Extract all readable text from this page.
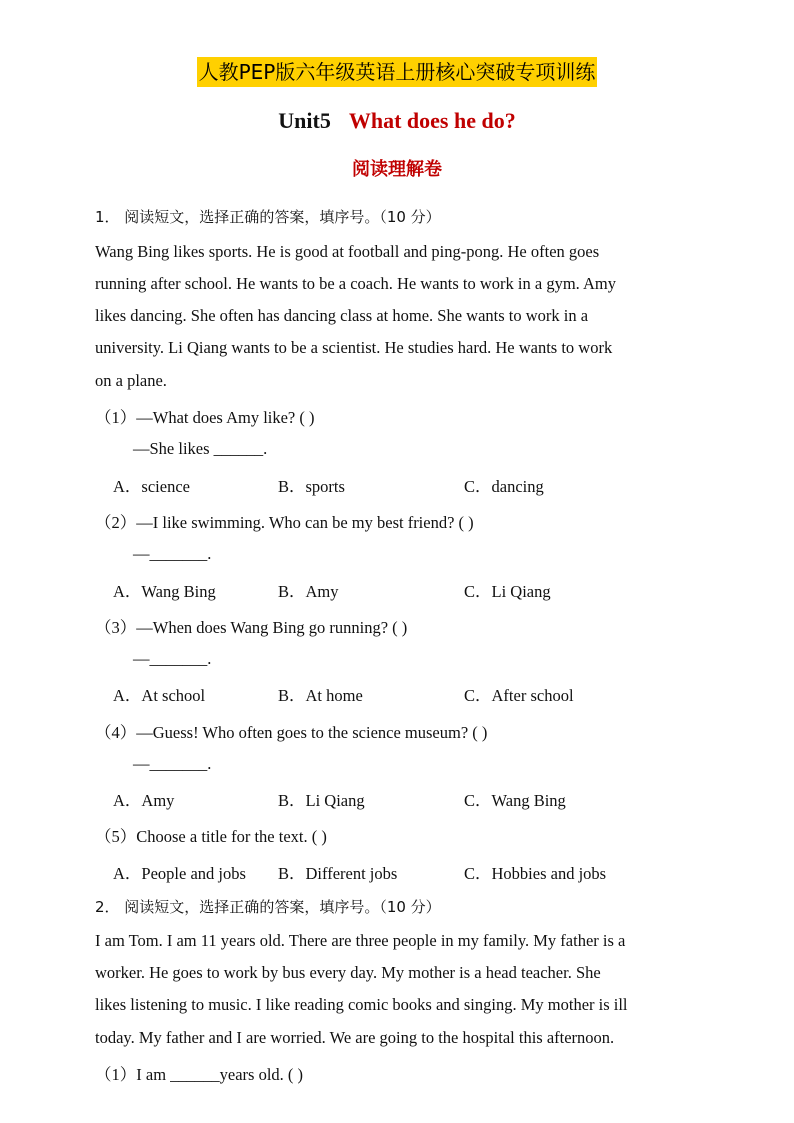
人教PEP版六年级英语上册核心突破专项训练
Unit5 What does he do?
阅读理解卷
1． 阅读短文，选择正确的答案，填序号。（10 分）
Wang Bing likes sports. He is good at football and ping-pong. He often goes
running after school. He wants to be a coach. He wants to work in a gym. Amy
likes dancing. She often has dancing class at home. She wants to work in a
university. Li Qiang wants to be a scientist. He studies hard. He wants to work
on a plane.
（1）—What does Amy like? ( )
—She likes ______.
A．science	B．sports	C．dancing
（2）—I like swimming. Who can be my best friend? ( )
—_______.
A．Wang Bing	B．Amy	C．Li Qiang
（3）—When does Wang Bing go running? ( )
—_______.
A．At school	B．At home	C．After school
（4）—Guess! Who often goes to the science museum? ( )
—_______.
A．Amy	B．Li Qiang	C．Wang Bing
（5）Choose a title for the text. ( )
A．People and jobs B．Different jobs	C．Hobbies and jobs
2． 阅读短文，选择正确的答案，填序号。（10 分）
I am Tom. I am 11 years old. There are three people in my family. My father is a
worker. He goes to work by bus every day. My mother is a head teacher. She
likes listening to music. I like reading comic books and singing. My mother is ill
today. My father and I are worried. We are going to the hospital this afternoon.
（1）I am ______years old. ( )
